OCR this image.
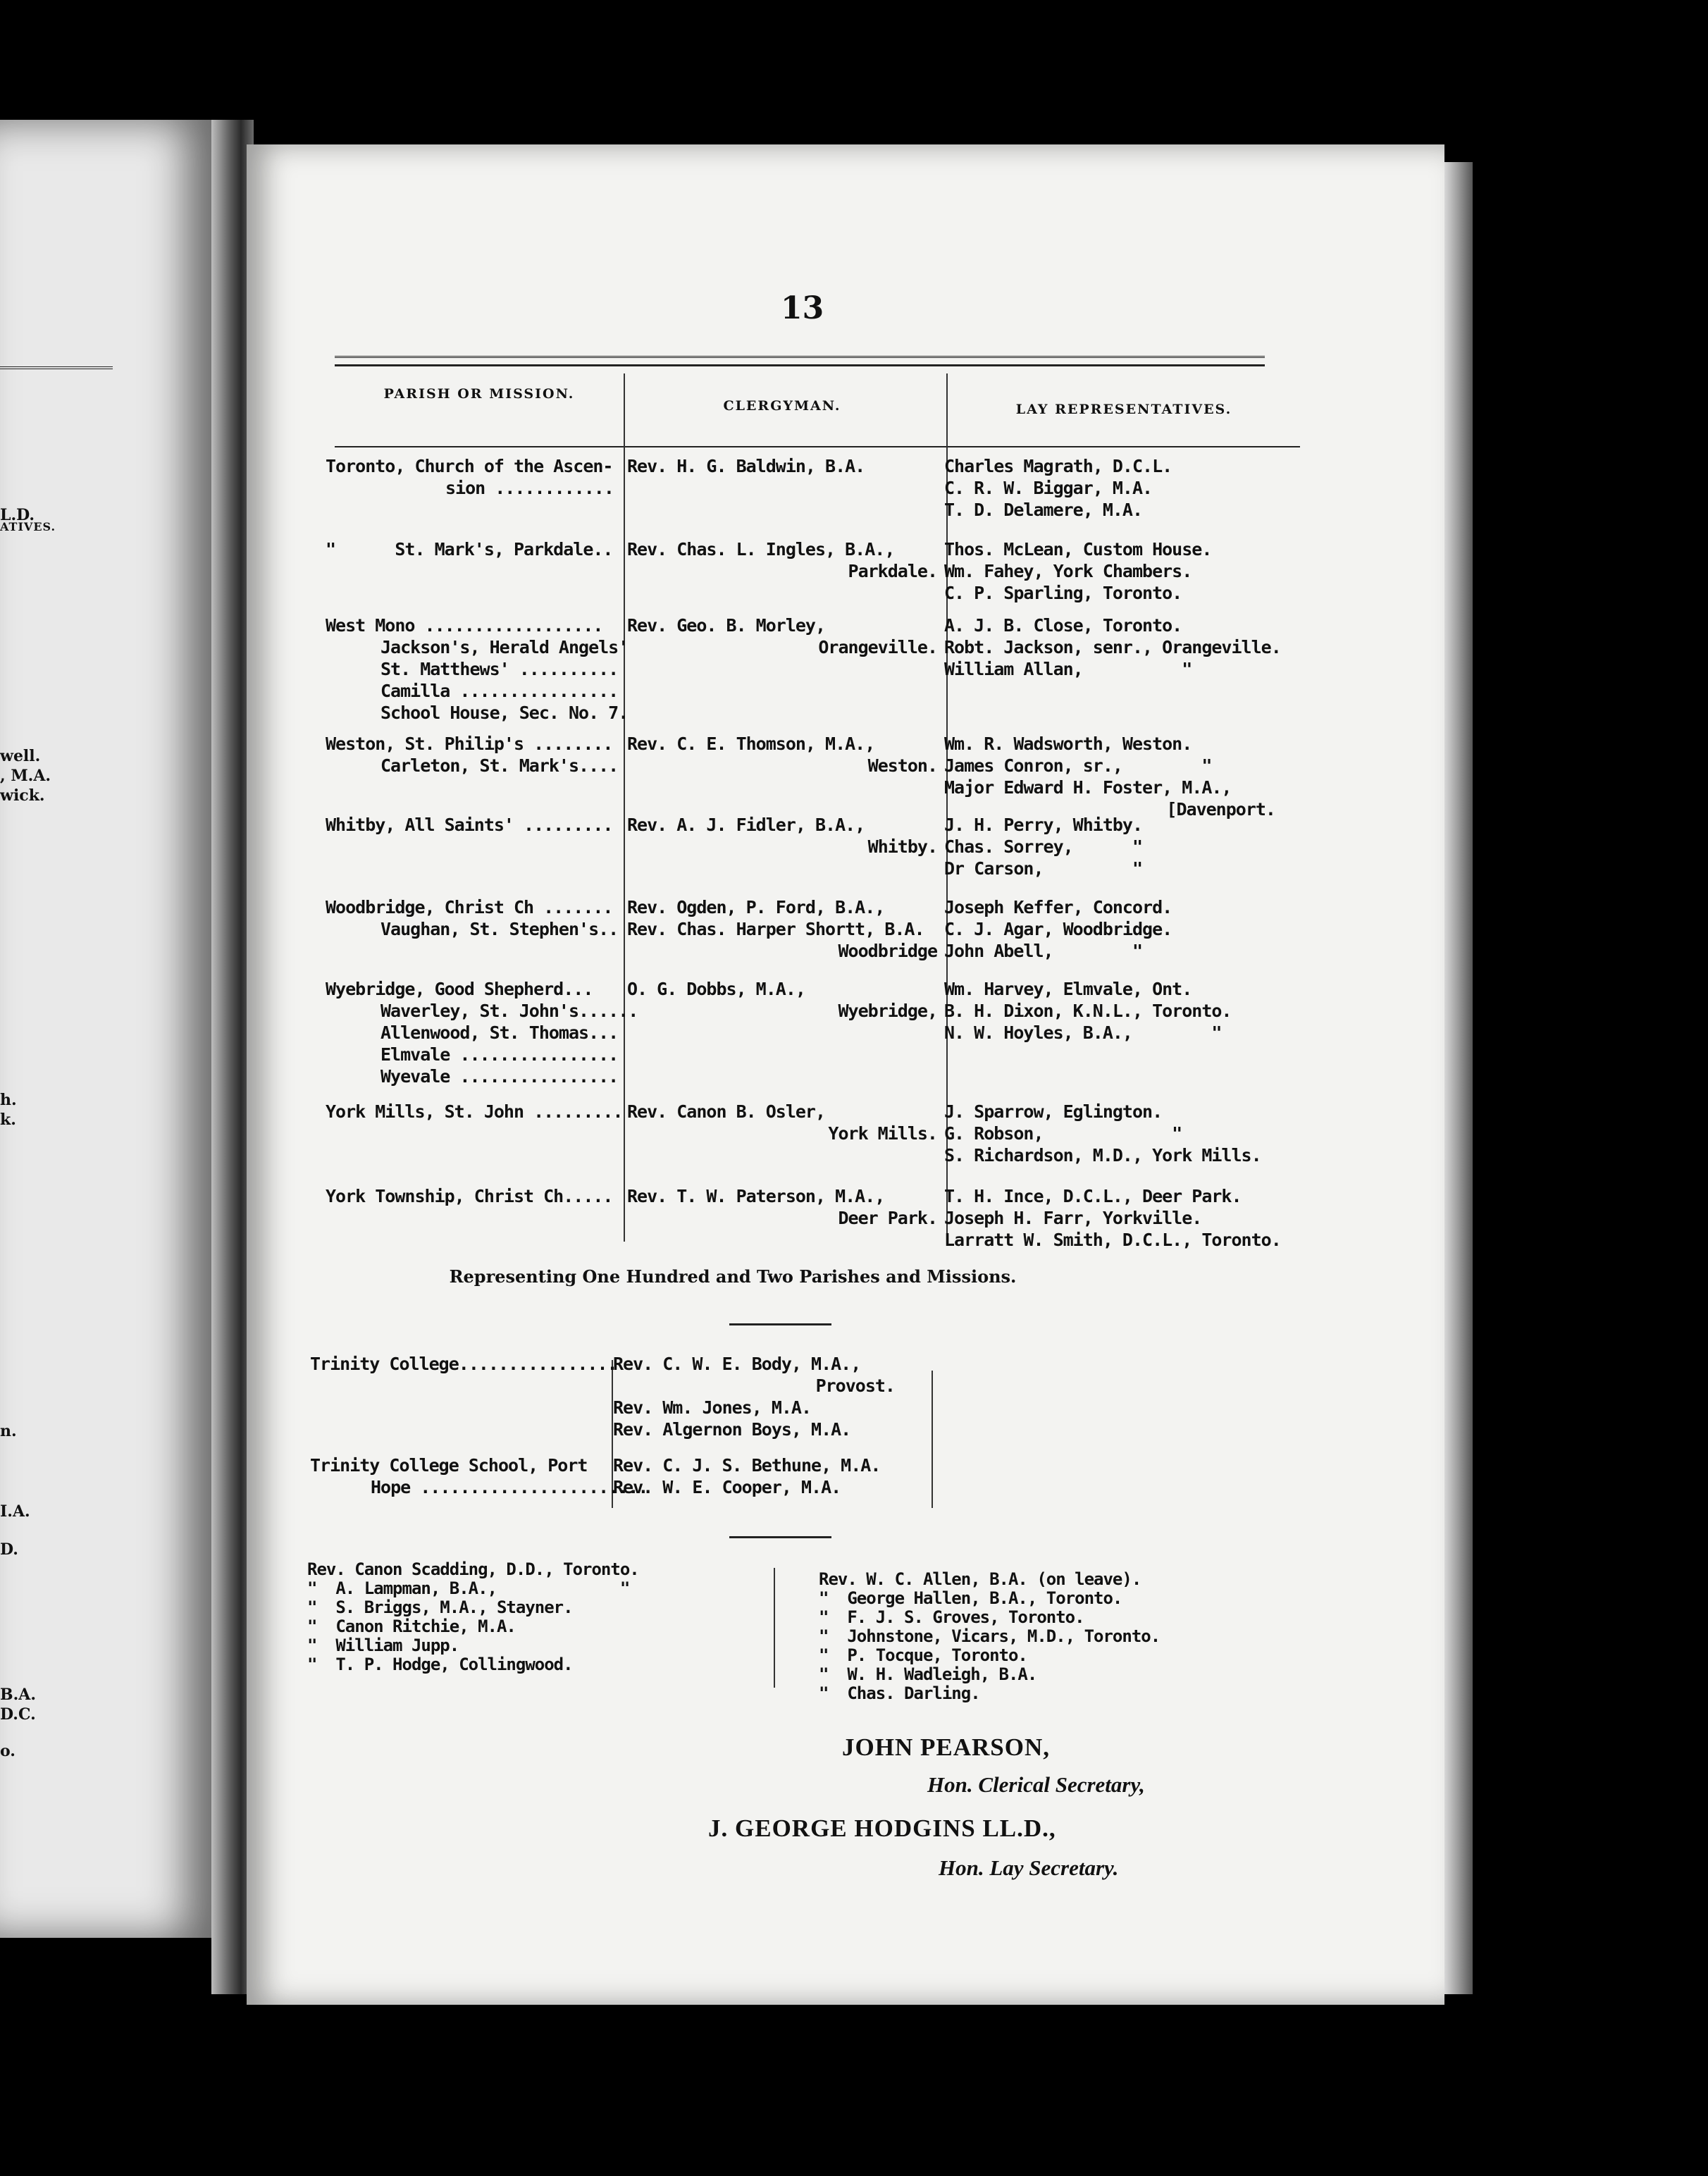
ATIVES.
L.D.
well.
, M.A.
wick.
h.
k.
n.
I.A.
D.
B.A.
D.C.
o.
13
PARISH OR MISSION.
CLERGYMAN.	LAY REPRESENTATIVES.
Toronto, Church of the Ascen-
sion ............
Rev. H. G. Baldwin, B.A.	Charles Magrath, D.C.L.
C. R. W. Biggar, M.A.
T. D. Delamere, M.A.
"      St. Mark's, Parkdale.. Rev. Chas. L. Ingles, B.A.,
Parkdale.
Thos. McLean, Custom House.
Wm. Fahey, York Chambers.
C. P. Sparling, Toronto.
West Mono ..................
Jackson's, Herald Angels'
St. Matthews' ..........
Camilla ................
School House, Sec. No. 7.
Rev. Geo. B. Morley,
Orangeville.
A. J. B. Close, Toronto.
Robt. Jackson, senr., Orangeville.
William Allan,          "
Weston, St. Philip's ........
Carleton, St. Mark's....
Rev. C. E. Thomson, M.A.,
Weston.
Wm. R. Wadsworth, Weston.
James Conron, sr.,        "
Major Edward H. Foster, M.A.,
[Davenport.
Whitby, All Saints' ......... Rev. A. J. Fidler, B.A.,
Whitby.
J. H. Perry, Whitby.
Chas. Sorrey,      "
Dr Carson,         "
Woodbridge, Christ Ch .......
Vaughan, St. Stephen's..
Rev. Ogden, P. Ford, B.A.,
Rev. Chas. Harper Shortt, B.A.
Woodbridge
Joseph Keffer, Concord.
C. J. Agar, Woodbridge.
John Abell,        "
Wyebridge, Good Shepherd...
Waverley, St. John's......
Allenwood, St. Thomas...
Elmvale ................
Wyevale ................
O. G. Dobbs, M.A.,
Wyebridge,
Wm. Harvey, Elmvale, Ont.
B. H. Dixon, K.N.L., Toronto.
N. W. Hoyles, B.A.,        "
York Mills, St. John ......... Rev. Canon B. Osler,
York Mills.
J. Sparrow, Eglington.
G. Robson,             "
S. Richardson, M.D., York Mills.
York Township, Christ Ch..... Rev. T. W. Paterson, M.A.,
Deer Park.
T. H. Ince, D.C.L., Deer Park.
Joseph H. Farr, Yorkville.
Larratt W. Smith, D.C.L., Toronto.
Representing One Hundred and Two Parishes and Missions.
Trinity College................
Rev. C. W. E. Body, M.A.,
Provost.
Rev. Wm. Jones, M.A.
Rev. Algernon Boys, M.A.
Trinity College School, Port
Hope .......................
Rev. C. J. S. Bethune, M.A.
Rev. W. E. Cooper, M.A.
Rev. Canon Scadding, D.D., Toronto.
"  A. Lampman, B.A.,             "
"  S. Briggs, M.A., Stayner.
"  Canon Ritchie, M.A.
"  William Jupp.
"  T. P. Hodge, Collingwood.
Rev. W. C. Allen, B.A. (on leave).
"  George Hallen, B.A., Toronto.
"  F. J. S. Groves, Toronto.
"  Johnstone, Vicars, M.D., Toronto.
"  P. Tocque, Toronto.
"  W. H. Wadleigh, B.A.
"  Chas. Darling.
JOHN PEARSON,
Hon. Clerical Secretary,
J. GEORGE HODGINS LL.D.,
Hon. Lay Secretary.
